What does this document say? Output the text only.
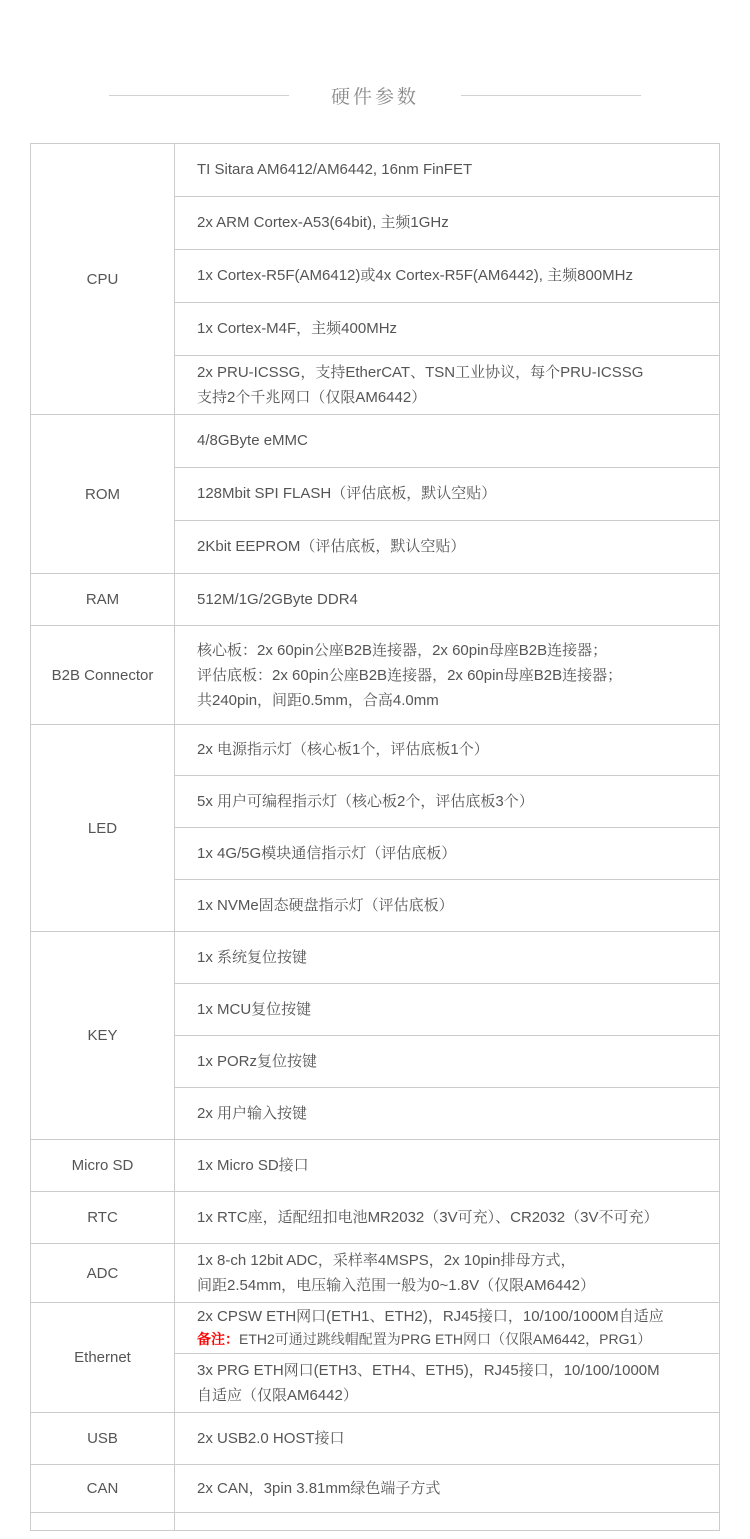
硬件参数
CPU	TI Sitara AM6412/AM6442, 16nm FinFET
	2x ARM Cortex-A53(64bit), 主频1GHz
	1x Cortex-R5F(AM6412)或4x Cortex-R5F(AM6442), 主频800MHz
	1x Cortex-M4F，主频400MHz

	2x PRU-ICSSG，支持EtherCAT、TSN工业协议，每个PRU-ICSSG
支持2个千兆网口（仅限AM6442）

ROM	4/8GByte eMMC
	128Mbit SPI FLASH（评估底板，默认空贴）
	2Kbit EEPROM（评估底板，默认空贴）
RAM	512M/1G/2GByte DDR4
B2B Connector	核心板：2x 60pin公座B2B连接器，2x 60pin母座B2B连接器；
评估底板：2x 60pin公座B2B连接器，2x 60pin母座B2B连接器；
共240pin，间距0.5mm，合高4.0mm

LED	2x 电源指示灯（核心板1个，评估底板1个）
	5x 用户可编程指示灯（核心板2个，评估底板3个）
	1x 4G/5G模块通信指示灯（评估底板）
	1x NVMe固态硬盘指示灯（评估底板）
KEY	1x 系统复位按键
	1x MCU复位按键
	1x PORz复位按键
	2x 用户输入按键
Micro SD	1x Micro SD接口
RTC	1x RTC座，适配纽扣电池MR2032（3V可充）、CR2032（3V不可充）
ADC	1x 8-ch 12bit ADC，采样率4MSPS，2x 10pin排母方式，
间距2.54mm，电压输入范围一般为0~1.8V（仅限AM6442）

Ethernet	2x CPSW ETH网口(ETH1、ETH2)，RJ45接口，10/100/1000M自适应
备注：ETH2可通过跳线帽配置为PRG ETH网口（仅限AM6442，PRG1）

	3x PRG ETH网口(ETH3、ETH4、ETH5)，RJ45接口，10/100/1000M
自适应（仅限AM6442）

USB	2x USB2.0 HOST接口
CAN	2x CAN，3pin 3.81mm绿色端子方式
